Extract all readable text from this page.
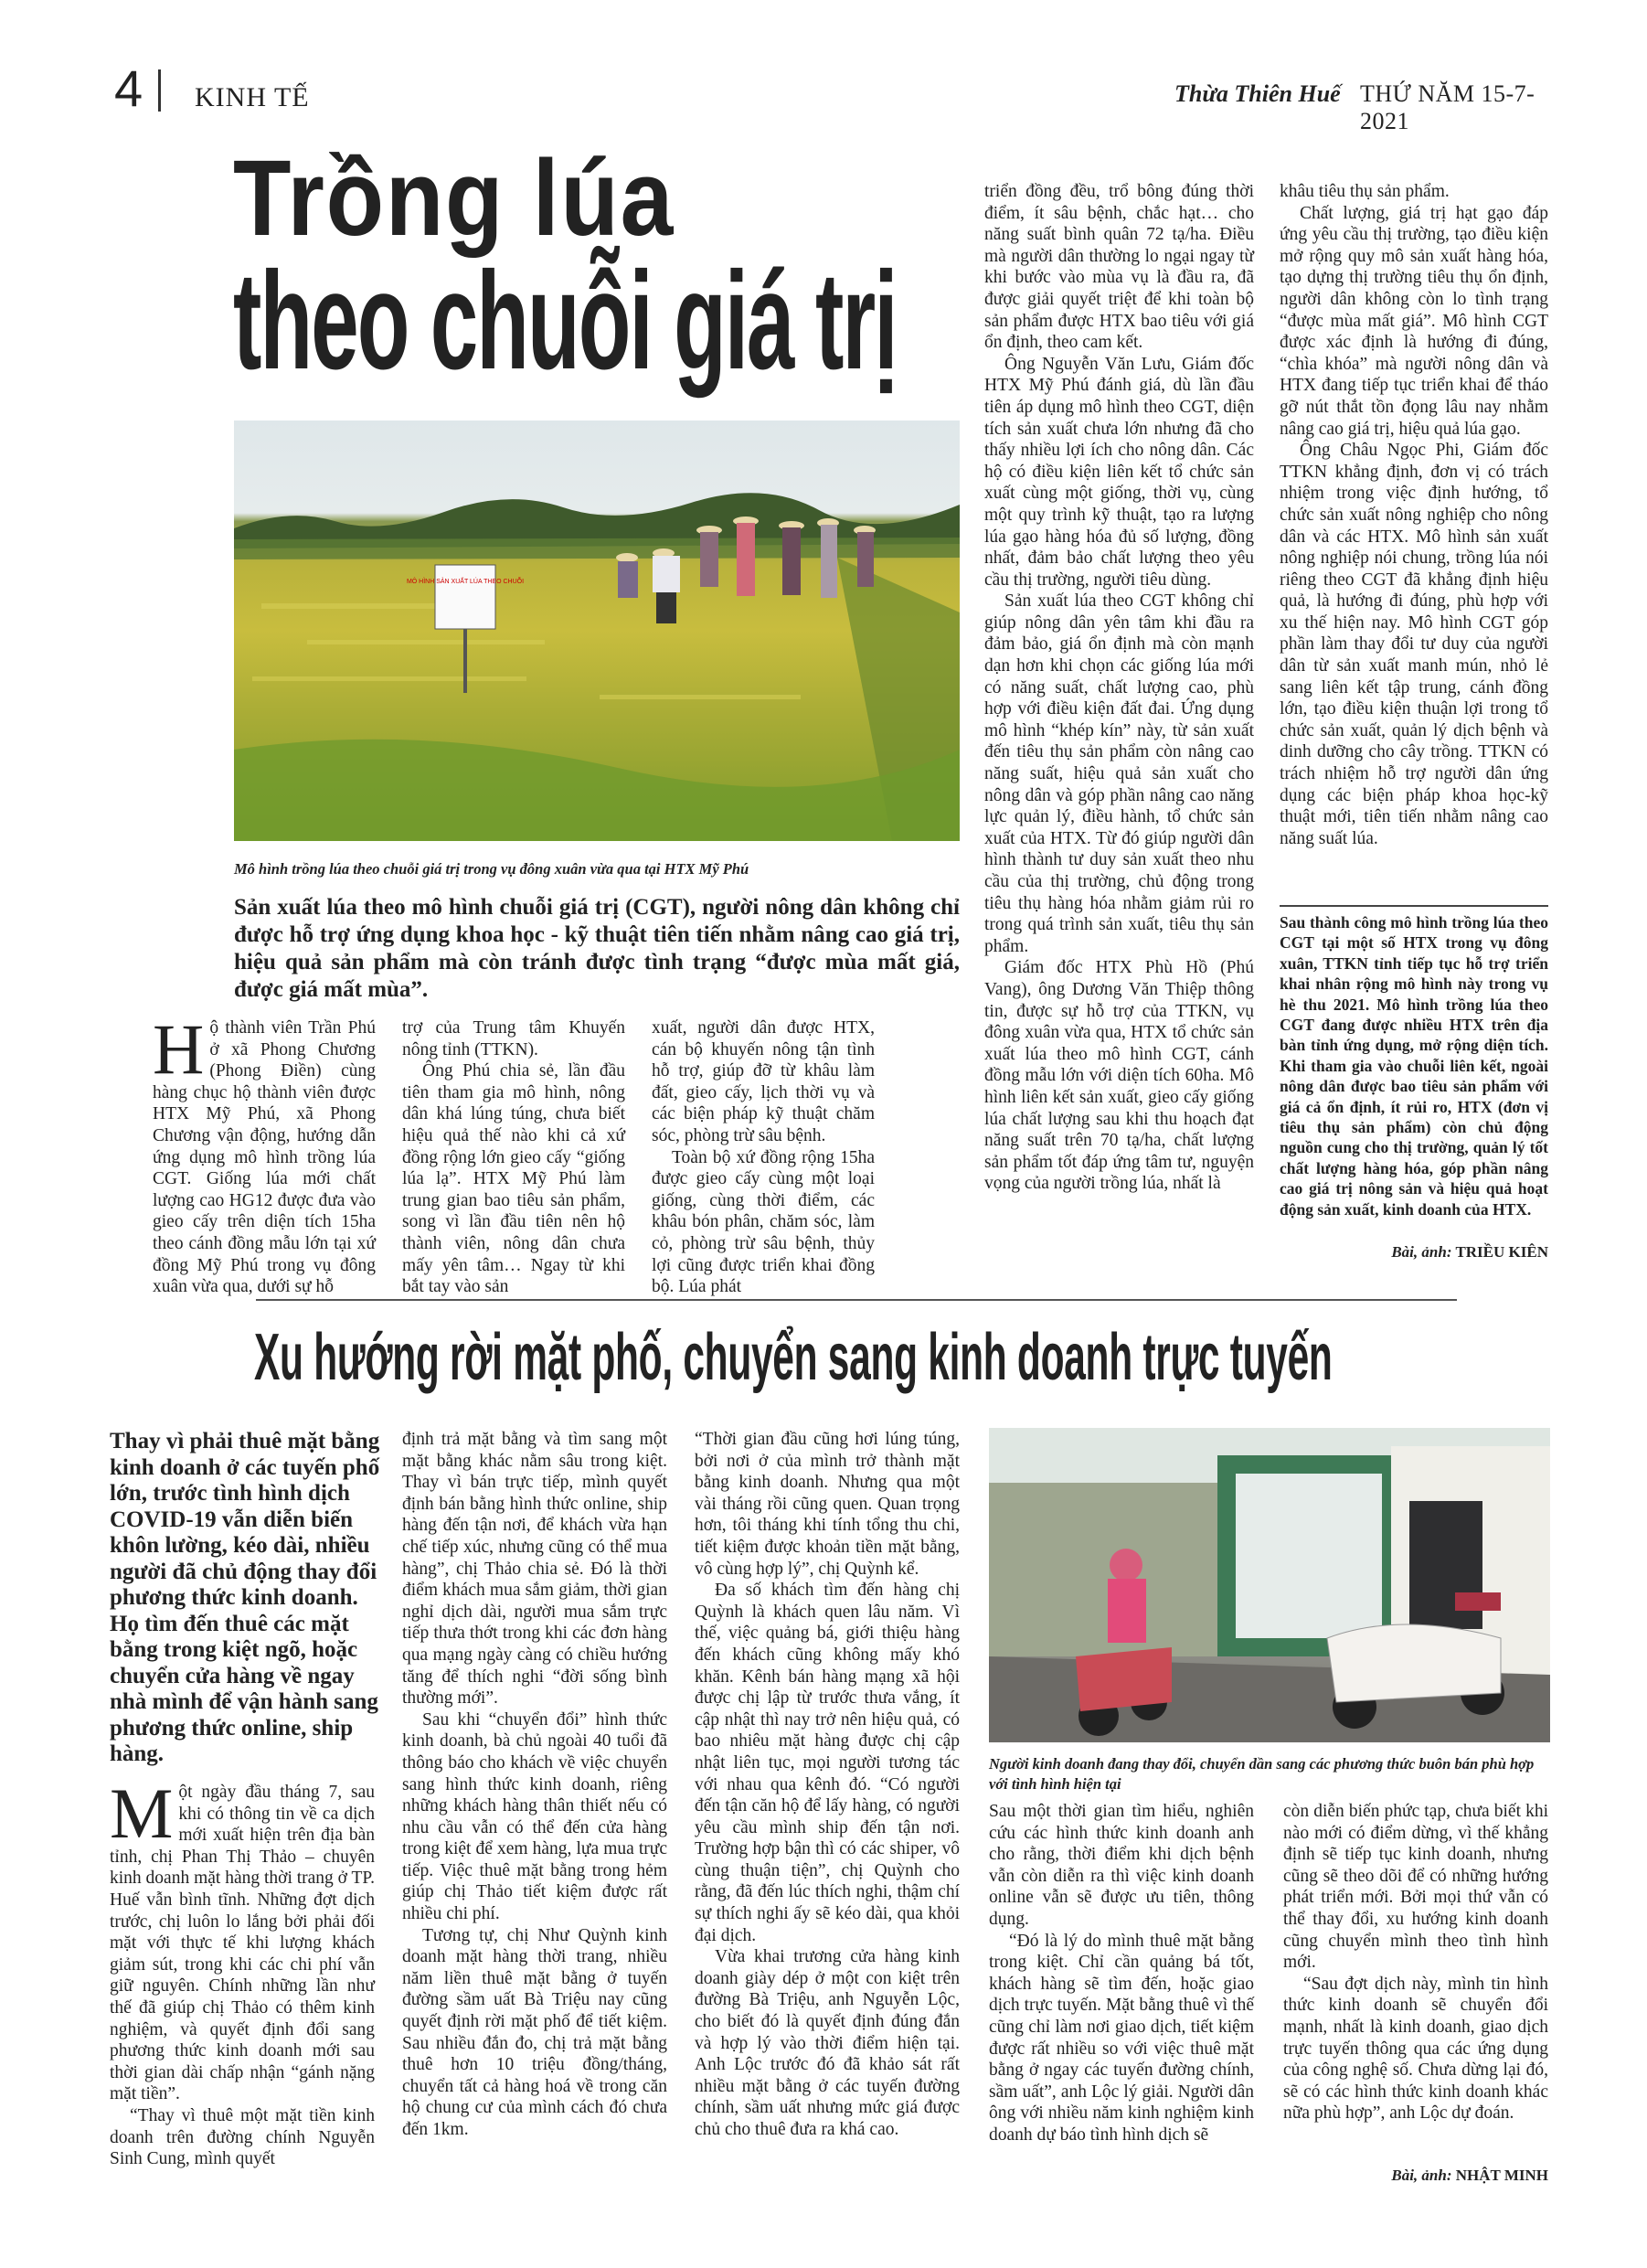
4 KINH TẾ	Thừa Thiên Huế THỨ NĂM 15-7-2021
Trồng lúa
theo chuỗi giá trị
MÔ HÌNH SẢN XUẤT LÚA THEO CHUỖI
Mô hình trồng lúa theo chuỗi giá trị trong vụ đông xuân vừa qua tại HTX Mỹ Phú
Sản xuất lúa theo mô hình chuỗi giá trị (CGT), người nông dân không chỉ được hỗ trợ ứng dụng khoa học - kỹ thuật tiên tiến nhằm nâng cao giá trị, hiệu quả sản phẩm mà còn tránh được tình trạng “được mùa mất giá, được giá mất mùa”.

Hộ thành viên Trần Phú ở xã Phong Chương (Phong Điền) cùng hàng chục hộ thành viên được HTX Mỹ Phú, xã Phong Chương vận động, hướng dẫn ứng dụng mô hình trồng lúa CGT. Giống lúa mới chất lượng cao HG12 được đưa vào gieo cấy trên diện tích 15ha theo cánh đồng mẫu lớn tại xứ đồng Mỹ Phú trong vụ đông xuân vừa qua, dưới sự hỗ

trợ của Trung tâm Khuyến nông tỉnh (TTKN).

Ông Phú chia sẻ, lần đầu tiên tham gia mô hình, nông dân khá lúng túng, chưa biết hiệu quả thế nào khi cả xứ đồng rộng lớn gieo cấy “giống lúa lạ”. HTX Mỹ Phú làm trung gian bao tiêu sản phẩm, song vì lần đầu tiên nên hộ thành viên, nông dân chưa mấy yên tâm… Ngay từ khi bắt tay vào sản

xuất, người dân được HTX, cán bộ khuyến nông tận tình hỗ trợ, giúp đỡ từ khâu làm đất, gieo cấy, lịch thời vụ và các biện pháp kỹ thuật chăm sóc, phòng trừ sâu bệnh.

Toàn bộ xứ đồng rộng 15ha được gieo cấy cùng một loại giống, cùng thời điểm, các khâu bón phân, chăm sóc, làm cỏ, phòng trừ sâu bệnh, thủy lợi cũng được triển khai đồng bộ. Lúa phát

triển đồng đều, trổ bông đúng thời điểm, ít sâu bệnh, chắc hạt… cho năng suất bình quân 72 tạ/ha. Điều mà người dân thường lo ngại ngay từ khi bước vào mùa vụ là đầu ra, đã được giải quyết triệt để khi toàn bộ sản phẩm được HTX bao tiêu với giá ổn định, theo cam kết.

Ông Nguyễn Văn Lưu, Giám đốc HTX Mỹ Phú đánh giá, dù lần đầu tiên áp dụng mô hình theo CGT, diện tích sản xuất chưa lớn nhưng đã cho thấy nhiều lợi ích cho nông dân. Các hộ có điều kiện liên kết tổ chức sản xuất cùng một giống, thời vụ, cùng một quy trình kỹ thuật, tạo ra lượng lúa gạo hàng hóa đủ số lượng, đồng nhất, đảm bảo chất lượng theo yêu cầu thị trường, người tiêu dùng.

Sản xuất lúa theo CGT không chỉ giúp nông dân yên tâm khi đầu ra đảm bảo, giá ổn định mà còn mạnh dạn hơn khi chọn các giống lúa mới có năng suất, chất lượng cao, phù hợp với điều kiện đất đai. Ứng dụng mô hình “khép kín” này, từ sản xuất đến tiêu thụ sản phẩm còn nâng cao năng suất, hiệu quả sản xuất cho nông dân và góp phần nâng cao năng lực quản lý, điều hành, tổ chức sản xuất của HTX. Từ đó giúp người dân hình thành tư duy sản xuất theo nhu cầu của thị trường, chủ động trong tiêu thụ hàng hóa nhằm giảm rủi ro trong quá trình sản xuất, tiêu thụ sản phẩm.

Giám đốc HTX Phù Hồ (Phú Vang), ông Dương Văn Thiệp thông tin, được sự hỗ trợ của TTKN, vụ đông xuân vừa qua, HTX tổ chức sản xuất lúa theo mô hình CGT, cánh đồng mẫu lớn với diện tích 60ha. Mô hình liên kết sản xuất, gieo cấy giống lúa chất lượng sau khi thu hoạch đạt năng suất trên 70 tạ/ha, chất lượng sản phẩm tốt đáp ứng tâm tư, nguyện vọng của người trồng lúa, nhất là

khâu tiêu thụ sản phẩm.

Chất lượng, giá trị hạt gạo đáp ứng yêu cầu thị trường, tạo điều kiện mở rộng quy mô sản xuất hàng hóa, tạo dựng thị trường tiêu thụ ổn định, người dân không còn lo tình trạng “được mùa mất giá”. Mô hình CGT được xác định là hướng đi đúng, “chìa khóa” mà người nông dân và HTX đang tiếp tục triển khai để tháo gỡ nút thắt tồn đọng lâu nay nhằm nâng cao giá trị, hiệu quả lúa gạo.

Ông Châu Ngọc Phi, Giám đốc TTKN khẳng định, đơn vị có trách nhiệm trong việc định hướng, tổ chức sản xuất nông nghiệp cho nông dân và các HTX. Mô hình sản xuất nông nghiệp nói chung, trồng lúa nói riêng theo CGT đã khẳng định hiệu quả, là hướng đi đúng, phù hợp với xu thế hiện nay. Mô hình CGT góp phần làm thay đổi tư duy của người dân từ sản xuất manh mún, nhỏ lẻ sang liên kết tập trung, cánh đồng lớn, tạo điều kiện thuận lợi trong tổ chức sản xuất, quản lý dịch bệnh và dinh dưỡng cho cây trồng. TTKN có trách nhiệm hỗ trợ người dân ứng dụng các biện pháp khoa học-kỹ thuật mới, tiên tiến nhằm nâng cao năng suất lúa.

Sau thành công mô hình trồng lúa theo CGT tại một số HTX trong vụ đông xuân, TTKN tỉnh tiếp tục hỗ trợ triển khai nhân rộng mô hình này trong vụ hè thu 2021. Mô hình trồng lúa theo CGT đang được nhiều HTX trên địa bàn tỉnh ứng dụng, mở rộng diện tích. Khi tham gia vào chuỗi liên kết, ngoài nông dân được bao tiêu sản phẩm với giá cả ổn định, ít rủi ro, HTX (đơn vị tiêu thụ sản phẩm) còn chủ động nguồn cung cho thị trường, quản lý tốt chất lượng hàng hóa, góp phần nâng cao giá trị nông sản và hiệu quả hoạt động sản xuất, kinh doanh của HTX.
Bài, ảnh: TRIỀU KIÊN
Xu hướng rời mặt phố, chuyển sang kinh doanh trực tuyến
Thay vì phải thuê mặt bằng kinh doanh ở các tuyến phố lớn, trước tình hình dịch COVID-19 vẫn diễn biến khôn lường, kéo dài, nhiều người đã chủ động thay đổi phương thức kinh doanh. Họ tìm đến thuê các mặt bằng trong kiệt ngõ, hoặc chuyển cửa hàng về ngay nhà mình để vận hành sang phương thức online, ship hàng.

Một ngày đầu tháng 7, sau khi có thông tin về ca dịch mới xuất hiện trên địa bàn tỉnh, chị Phan Thị Thảo – chuyên kinh doanh mặt hàng thời trang ở TP. Huế vẫn bình tĩnh. Những đợt dịch trước, chị luôn lo lắng bởi phải đối mặt với thực tế khi lượng khách giảm sút, trong khi các chi phí vẫn giữ nguyên. Chính những lần như thế đã giúp chị Thảo có thêm kinh nghiệm, và quyết định đổi sang phương thức kinh doanh mới sau thời gian dài chấp nhận “gánh nặng mặt tiền”.

“Thay vì thuê một mặt tiền kinh doanh trên đường chính Nguyễn Sinh Cung, mình quyết

định trả mặt bằng và tìm sang một mặt bằng khác nằm sâu trong kiệt. Thay vì bán trực tiếp, mình quyết định bán bằng hình thức online, ship hàng đến tận nơi, để khách vừa hạn chế tiếp xúc, nhưng cũng có thể mua hàng”, chị Thảo chia sẻ. Đó là thời điểm khách mua sắm giảm, thời gian nghỉ dịch dài, người mua sắm trực tiếp thưa thớt trong khi các đơn hàng qua mạng ngày càng có chiều hướng tăng để thích nghi “đời sống bình thường mới”.

Sau khi “chuyển đổi” hình thức kinh doanh, bà chủ ngoài 40 tuổi đã thông báo cho khách về việc chuyển sang hình thức kinh doanh, riêng những khách hàng thân thiết nếu có nhu cầu vẫn có thể đến cửa hàng trong kiệt để xem hàng, lựa mua trực tiếp. Việc thuê mặt bằng trong hẻm giúp chị Thảo tiết kiệm được rất nhiều chi phí.

Tương tự, chị Như Quỳnh kinh doanh mặt hàng thời trang, nhiều năm liền thuê mặt bằng ở tuyến đường sầm uất Bà Triệu nay cũng quyết định rời mặt phố để tiết kiệm. Sau nhiều đắn đo, chị trả mặt bằng thuê hơn 10 triệu đồng/tháng, chuyển tất cả hàng hoá về trong căn hộ chung cư của mình cách đó chưa đến 1km.

“Thời gian đầu cũng hơi lúng túng, bởi nơi ở của mình trở thành mặt bằng kinh doanh. Nhưng qua một vài tháng rồi cũng quen. Quan trọng hơn, tôi tháng khi tính tổng thu chi, tiết kiệm được khoản tiền mặt bằng, vô cùng hợp lý”, chị Quỳnh kể.

Đa số khách tìm đến hàng chị Quỳnh là khách quen lâu năm. Vì thế, việc quảng bá, giới thiệu hàng đến khách cũng không mấy khó khăn. Kênh bán hàng mạng xã hội được chị lập từ trước thưa vắng, ít cập nhật thì nay trở nên hiệu quả, có bao nhiêu mặt hàng được chị cập nhật liên tục, mọi người tương tác với nhau qua kênh đó. “Có người đến tận căn hộ để lấy hàng, có người yêu cầu mình ship đến tận nơi. Trường hợp bận thì có các shiper, vô cùng thuận tiện”, chị Quỳnh cho rằng, đã đến lúc thích nghi, thậm chí sự thích nghi ấy sẽ kéo dài, qua khỏi đại dịch.

Vừa khai trương cửa hàng kinh doanh giày dép ở một con kiệt trên đường Bà Triệu, anh Nguyễn Lộc, cho biết đó là quyết định đúng đắn và hợp lý vào thời điểm hiện tại. Anh Lộc trước đó đã khảo sát rất nhiều mặt bằng ở các tuyến đường chính, sầm uất nhưng mức giá được chủ cho thuê đưa ra khá cao.

Người kinh doanh đang thay đổi, chuyển dần sang các phương thức buôn bán phù hợp với tình hình hiện tại

Sau một thời gian tìm hiểu, nghiên cứu các hình thức kinh doanh anh cho rằng, thời điểm khi dịch bệnh vẫn còn diễn ra thì việc kinh doanh online vẫn sẽ được ưu tiên, thông dụng.

“Đó là lý do mình thuê mặt bằng trong kiệt. Chỉ cần quảng bá tốt, khách hàng sẽ tìm đến, hoặc giao dịch trực tuyến. Mặt bằng thuê vì thế cũng chỉ làm nơi giao dịch, tiết kiệm được rất nhiều so với việc thuê mặt bằng ở ngay các tuyến đường chính, sầm uất”, anh Lộc lý giải. Người dân ông với nhiều năm kinh nghiệm kinh doanh dự báo tình hình dịch sẽ

còn diễn biến phức tạp, chưa biết khi nào mới có điểm dừng, vì thế khẳng định sẽ tiếp tục kinh doanh, nhưng cũng sẽ theo dõi để có những hướng phát triển mới. Bởi mọi thứ vẫn có thể thay đổi, xu hướng kinh doanh cũng chuyển mình theo tình hình mới.

“Sau đợt dịch này, mình tin hình thức kinh doanh sẽ chuyển đổi mạnh, nhất là kinh doanh, giao dịch trực tuyến thông qua các ứng dụng của công nghệ số. Chưa dừng lại đó, sẽ có các hình thức kinh doanh khác nữa phù hợp”, anh Lộc dự đoán.

Bài, ảnh: NHẬT MINH
